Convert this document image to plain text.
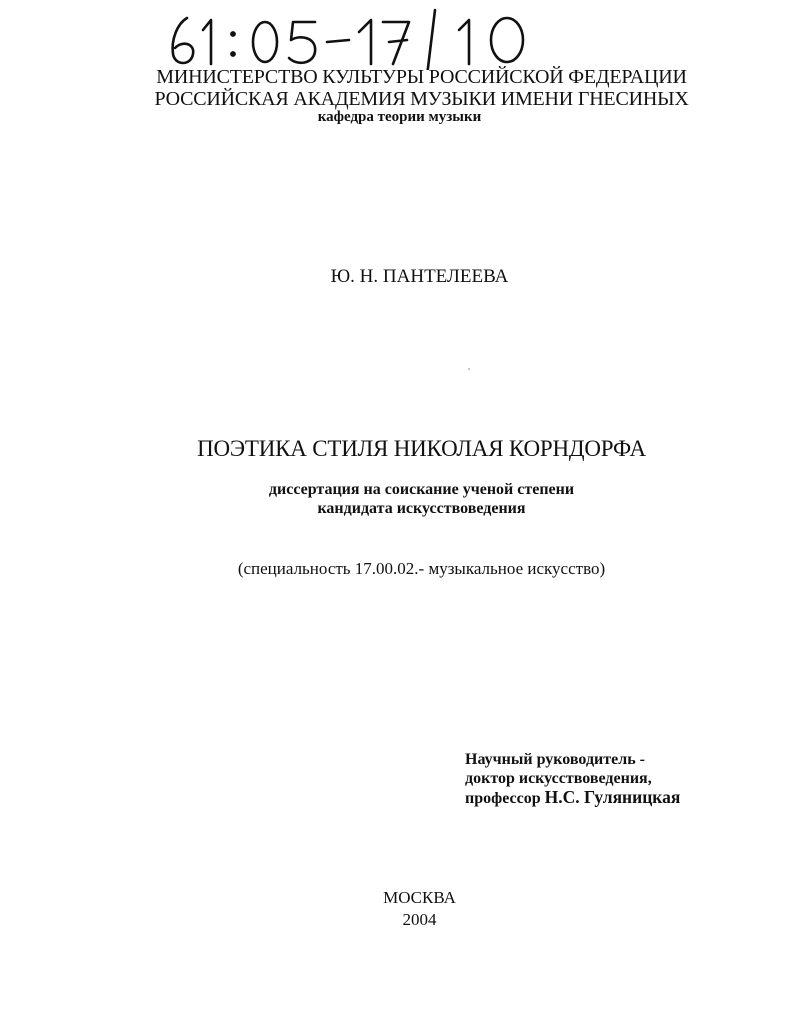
61:05-17/10
МИНИСТЕРСТВО КУЛЬТУРЫ РОССИЙСКОЙ ФЕДЕРАЦИИ
РОССИЙСКАЯ АКАДЕМИЯ МУЗЫКИ ИМЕНИ ГНЕСИНЫХ
кафедра теории музыки
Ю. Н. ПАНТЕЛЕЕВА
ПОЭТИКА СТИЛЯ НИКОЛАЯ КОРНДОРФА
диссертация на соискание ученой степени
кандидата искусствоведения
(специальность 17.00.02.- музыкальное искусство)
Научный руководитель -
доктор искусствоведения,
профессор Н.С. Гуляницкая
МОСКВА
2004
